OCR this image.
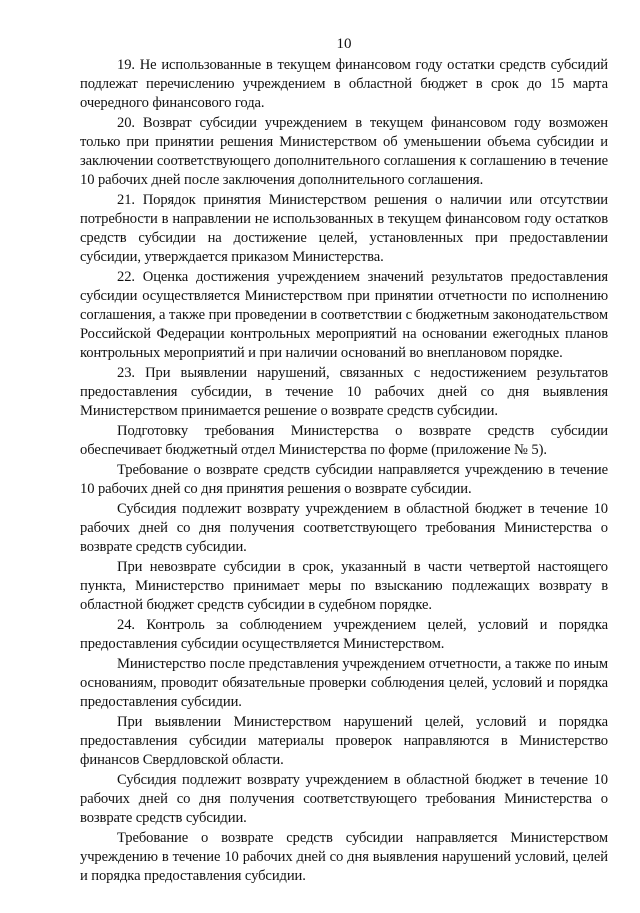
10

19. Не использованные в текущем финансовом году остатки средств субсидий подлежат перечислению учреждением в областной бюджет в срок до 15 марта очередного финансового года.

20. Возврат субсидии учреждением в текущем финансовом году возможен только при принятии решения Министерством об уменьшении объема субсидии и заключении соответствующего дополнительного соглашения к соглашению в течение 10 рабочих дней после заключения дополнительного соглашения.

21. Порядок принятия Министерством решения о наличии или отсутствии потребности в направлении не использованных в текущем финансовом году остатков средств субсидии на достижение целей, установленных при предоставлении субсидии, утверждается приказом Министерства.

22. Оценка достижения учреждением значений результатов предоставления субсидии осуществляется Министерством при принятии отчетности по исполнению соглашения, а также при проведении в соответствии с бюджетным законодательством Российской Федерации контрольных мероприятий на основании ежегодных планов контрольных мероприятий и при наличии оснований во внеплановом порядке.

23. При выявлении нарушений, связанных с недостижением результатов предоставления субсидии, в течение 10 рабочих дней со дня выявления Министерством принимается решение о возврате средств субсидии.

Подготовку требования Министерства о возврате средств субсидии обеспечивает бюджетный отдел Министерства по форме (приложение № 5).

Требование о возврате средств субсидии направляется учреждению в течение 10 рабочих дней со дня принятия решения о возврате субсидии.

Субсидия подлежит возврату учреждением в областной бюджет в течение 10 рабочих дней со дня получения соответствующего требования Министерства о возврате средств субсидии.

При невозврате субсидии в срок, указанный в части четвертой настоящего пункта, Министерство принимает меры по взысканию подлежащих возврату в областной бюджет средств субсидии в судебном порядке.

24. Контроль за соблюдением учреждением целей, условий и порядка предоставления субсидии осуществляется Министерством.

Министерство после представления учреждением отчетности, а также по иным основаниям, проводит обязательные проверки соблюдения целей, условий и порядка предоставления субсидии.

При выявлении Министерством нарушений целей, условий и порядка предоставления субсидии материалы проверок направляются в Министерство финансов Свердловской области.

Субсидия подлежит возврату учреждением в областной бюджет в течение 10 рабочих дней со дня получения соответствующего требования Министерства о возврате средств субсидии.

Требование о возврате средств субсидии направляется Министерством учреждению в течение 10 рабочих дней со дня выявления нарушений условий, целей и порядка предоставления субсидии.
